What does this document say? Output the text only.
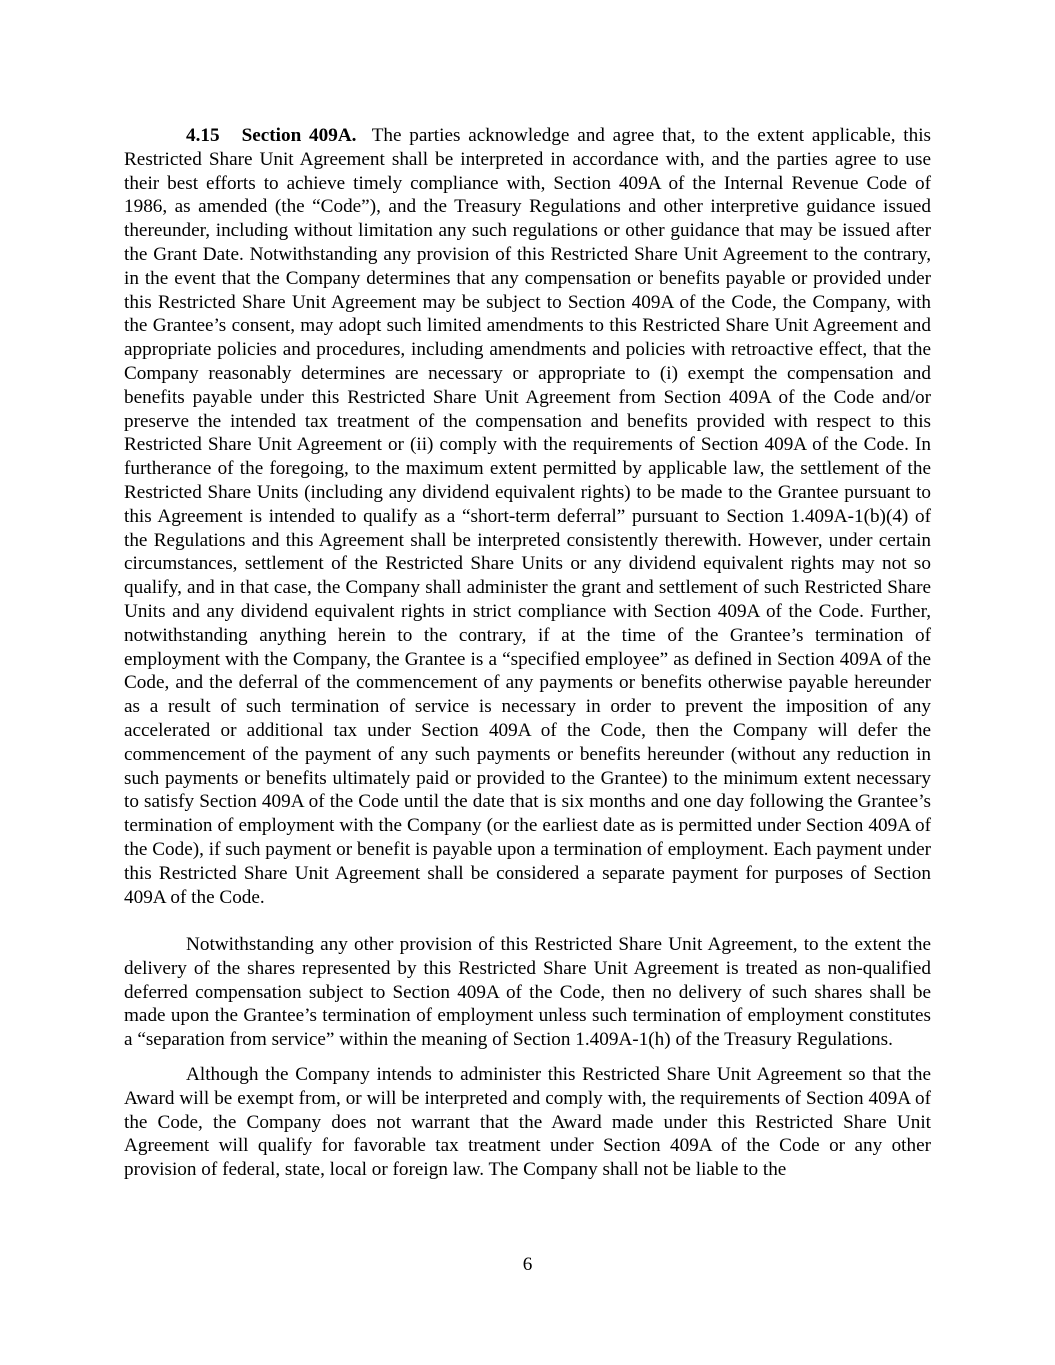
4.15 Section 409A. The parties acknowledge and agree that, to the extent applicable, this Restricted Share Unit Agreement shall be interpreted in accordance with, and the parties agree to use their best efforts to achieve timely compliance with, Section 409A of the Internal Revenue Code of 1986, as amended (the “Code”), and the Treasury Regulations and other interpretive guidance issued thereunder, including without limitation any such regulations or other guidance that may be issued after the Grant Date. Notwithstanding any provision of this Restricted Share Unit Agreement to the contrary, in the event that the Company determines that any compensation or benefits payable or provided under this Restricted Share Unit Agreement may be subject to Section 409A of the Code, the Company, with the Grantee’s consent, may adopt such limited amendments to this Restricted Share Unit Agreement and appropriate policies and procedures, including amendments and policies with retroactive effect, that the Company reasonably determines are necessary or appropriate to (i) exempt the compensation and benefits payable under this Restricted Share Unit Agreement from Section 409A of the Code and/or preserve the intended tax treatment of the compensation and benefits provided with respect to this Restricted Share Unit Agreement or (ii) comply with the requirements of Section 409A of the Code. In furtherance of the foregoing, to the maximum extent permitted by applicable law, the settlement of the Restricted Share Units (including any dividend equivalent rights) to be made to the Grantee pursuant to this Agreement is intended to qualify as a “short-term deferral” pursuant to Section 1.409A-1(b)(4) of the Regulations and this Agreement shall be interpreted consistently therewith. However, under certain circumstances, settlement of the Restricted Share Units or any dividend equivalent rights may not so qualify, and in that case, the Company shall administer the grant and settlement of such Restricted Share Units and any dividend equivalent rights in strict compliance with Section 409A of the Code. Further, notwithstanding anything herein to the contrary, if at the time of the Grantee’s termination of employment with the Company, the Grantee is a “specified employee” as defined in Section 409A of the Code, and the deferral of the commencement of any payments or benefits otherwise payable hereunder as a result of such termination of service is necessary in order to prevent the imposition of any accelerated or additional tax under Section 409A of the Code, then the Company will defer the commencement of the payment of any such payments or benefits hereunder (without any reduction in such payments or benefits ultimately paid or provided to the Grantee) to the minimum extent necessary to satisfy Section 409A of the Code until the date that is six months and one day following the Grantee’s termination of employment with the Company (or the earliest date as is permitted under Section 409A of the Code), if such payment or benefit is payable upon a termination of employment. Each payment under this Restricted Share Unit Agreement shall be considered a separate payment for purposes of Section 409A of the Code.

Notwithstanding any other provision of this Restricted Share Unit Agreement, to the extent the delivery of the shares represented by this Restricted Share Unit Agreement is treated as non-qualified deferred compensation subject to Section 409A of the Code, then no delivery of such shares shall be made upon the Grantee’s termination of employment unless such termination of employment constitutes a “separation from service” within the meaning of Section 1.409A-1(h) of the Treasury Regulations.

Although the Company intends to administer this Restricted Share Unit Agreement so that the Award will be exempt from, or will be interpreted and comply with, the requirements of Section 409A of the Code, the Company does not warrant that the Award made under this Restricted Share Unit Agreement will qualify for favorable tax treatment under Section 409A of the Code or any other provision of federal, state, local or foreign law. The Company shall not be liable to the

6
